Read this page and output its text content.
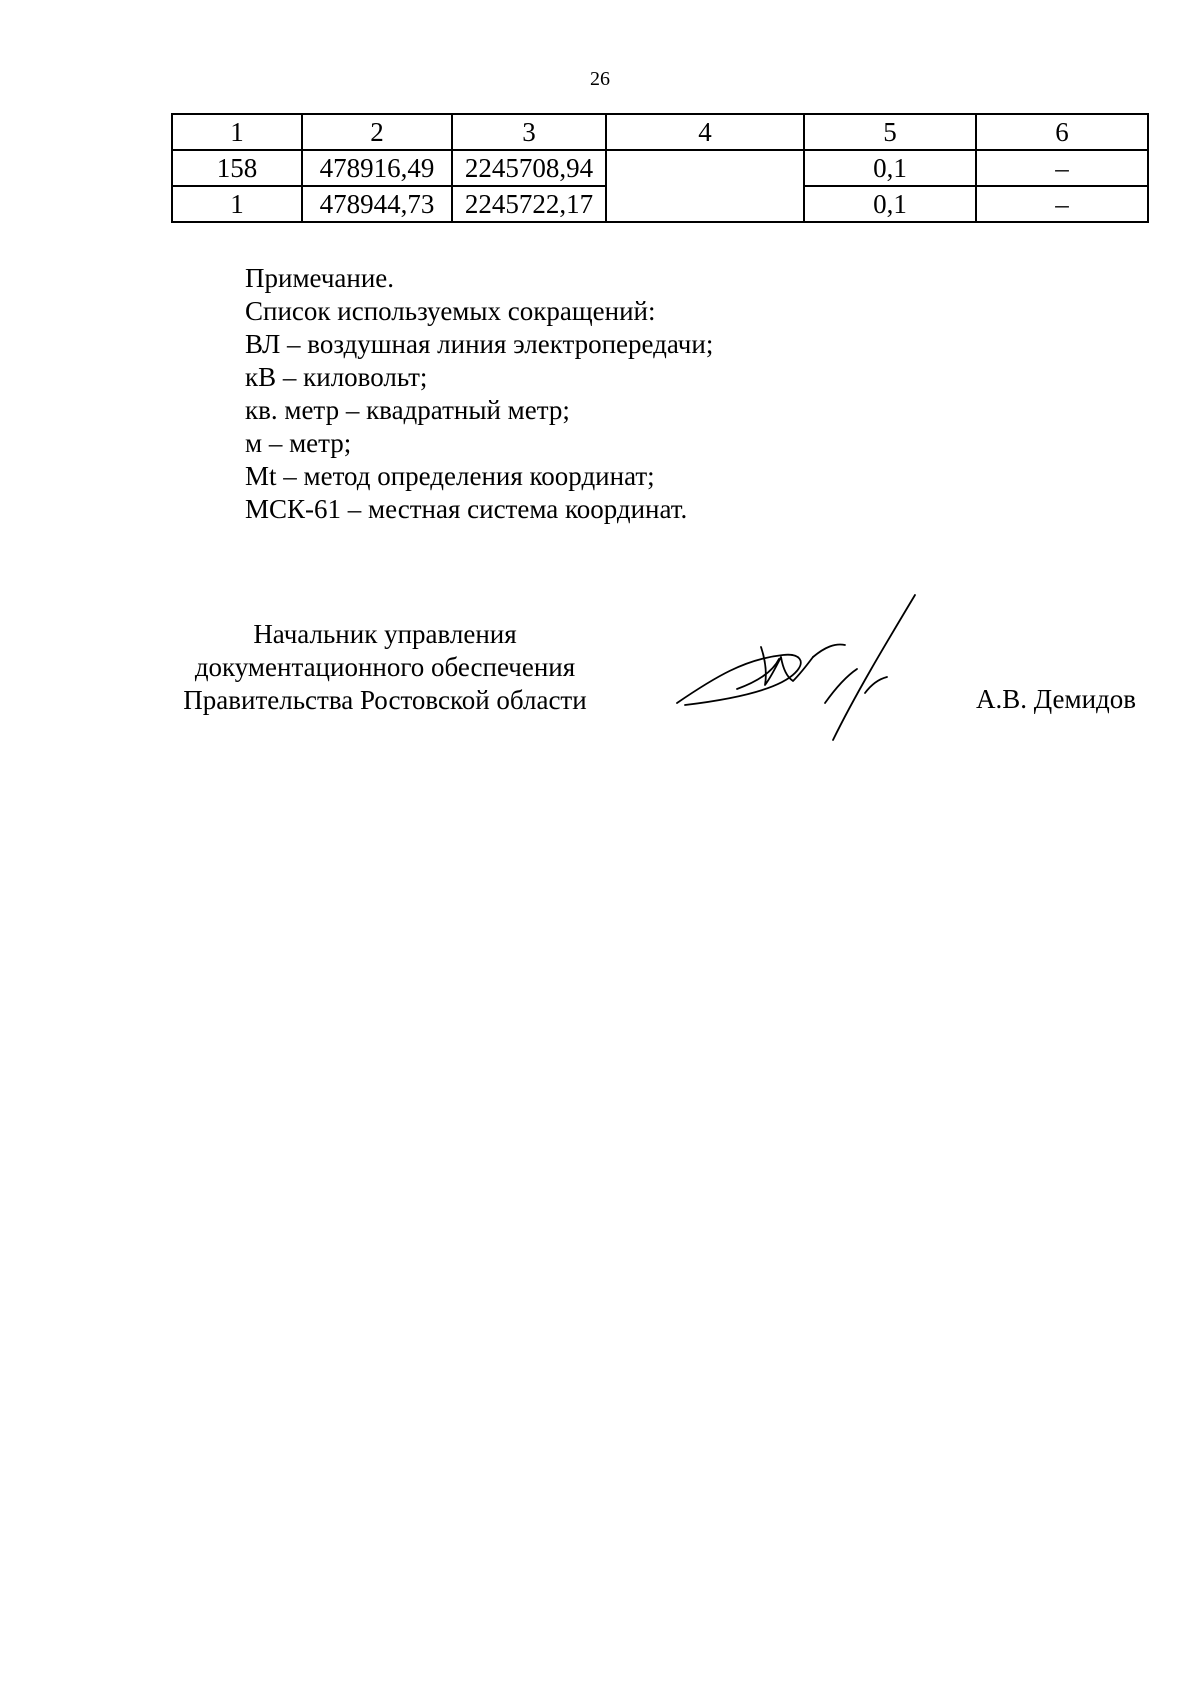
26
1	2	3	4	5	6
158	478916,49	2245708,94		0,1	–
1	478944,73	2245722,17		0,1	–
Примечание.
Список используемых сокращений:
ВЛ – воздушная линия электропередачи;
кВ – киловольт;
кв. метр – квадратный метр;
м – метр;
Mt – метод определения координат;
МСК-61 – местная система координат.
Начальник управления
документационного обеспечения
Правительства Ростовской области	А.В. Демидов
